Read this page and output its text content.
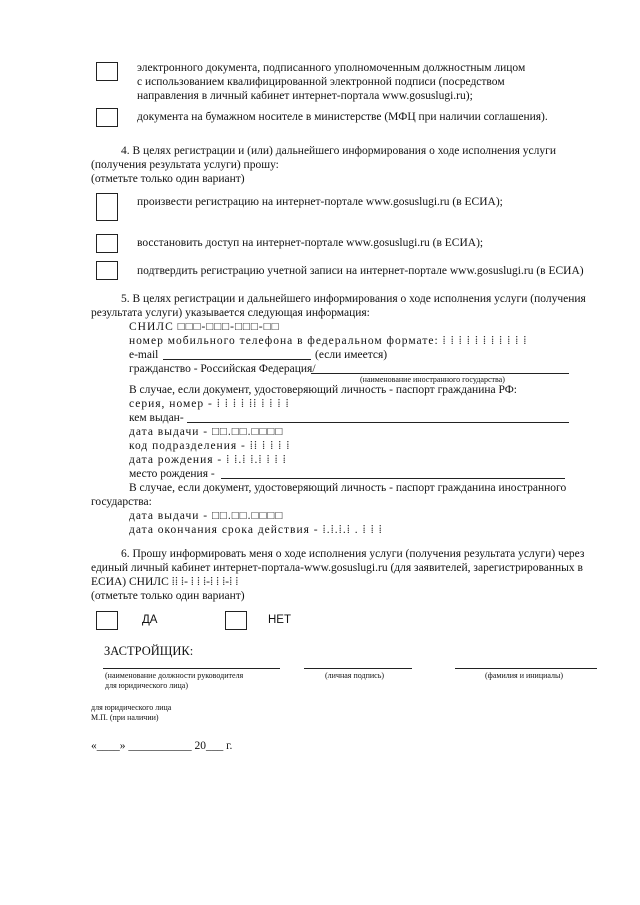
электронного документа, подписанного уполномоченным должностным лицом
с использованием квалифицированной электронной подписи (посредством
направления в личный кабинет интернет-портала www.gosuslugi.ru);
документа на бумажном носителе в министерстве (МФЦ при наличии соглашения).
4. В целях регистрации и (или) дальнейшего информирования о ходе исполнения услуги
(получения результата услуги) прошу:
(отметьте только один вариант)
произвести регистрацию на интернет-портале www.gosuslugi.ru (в ЕСИА);
восстановить доступ на интернет-портале www.gosuslugi.ru (в ЕСИА);
подтвердить регистрацию учетной записи на интернет-портале www.gosuslugi.ru (в ЕСИА)
5. В целях регистрации и дальнейшего информирования о ходе исполнения услуги (получения
результата услуги) указывается следующая информация:
СНИЛС □□□-□□□-□□□-□□
номер мобильного телефона в федеральном формате: ⁞ ⁞ ⁞ ⁞ ⁞ ⁞ ⁞ ⁞ ⁞ ⁞ ⁞
e-mail	(если имеется)
гражданство - Российская Федерация/
(наименование иностранного государства)
В случае, если документ, удостоверяющий личность - паспорт гражданина РФ:
серия, номер - ⁞ ⁞ ⁞ ⁞ ⁞⁞ ⁞ ⁞ ⁞ ⁞
кем выдан-
дата выдачи - □□.□□.□□□□
код подразделения - ⁞⁞ ⁞ ⁞ ⁞ ⁞
дата рождения - ⁞ ⁞.⁞ ⁞.⁞ ⁞ ⁞ ⁞
место рождения -
В случае, если документ, удостоверяющий личность - паспорт гражданина иностранного
государства:
дата выдачи - □□.□□.□□□□
дата окончания срока действия - ⁞.⁞.⁞.⁞ . ⁞ ⁞ ⁞
6. Прошу информировать меня о ходе исполнения услуги (получения результата услуги) через
единый личный кабинет интернет-портала-www.gosuslugi.ru (для заявителей, зарегистрированных в
ЕСИА) СНИЛС ⁞⁞ ⁞- ⁞ ⁞ ⁞-⁞ ⁞ ⁞-⁞ ⁞
(отметьте только один вариант)
ДА	НЕТ
ЗАСТРОЙЩИК:
(наименование должности руководителя
для юридического лица)
(личная подпись)	(фамилия и инициалы)
для юридического лица
М.П. (при наличии)
«____» ___________ 20___ г.
